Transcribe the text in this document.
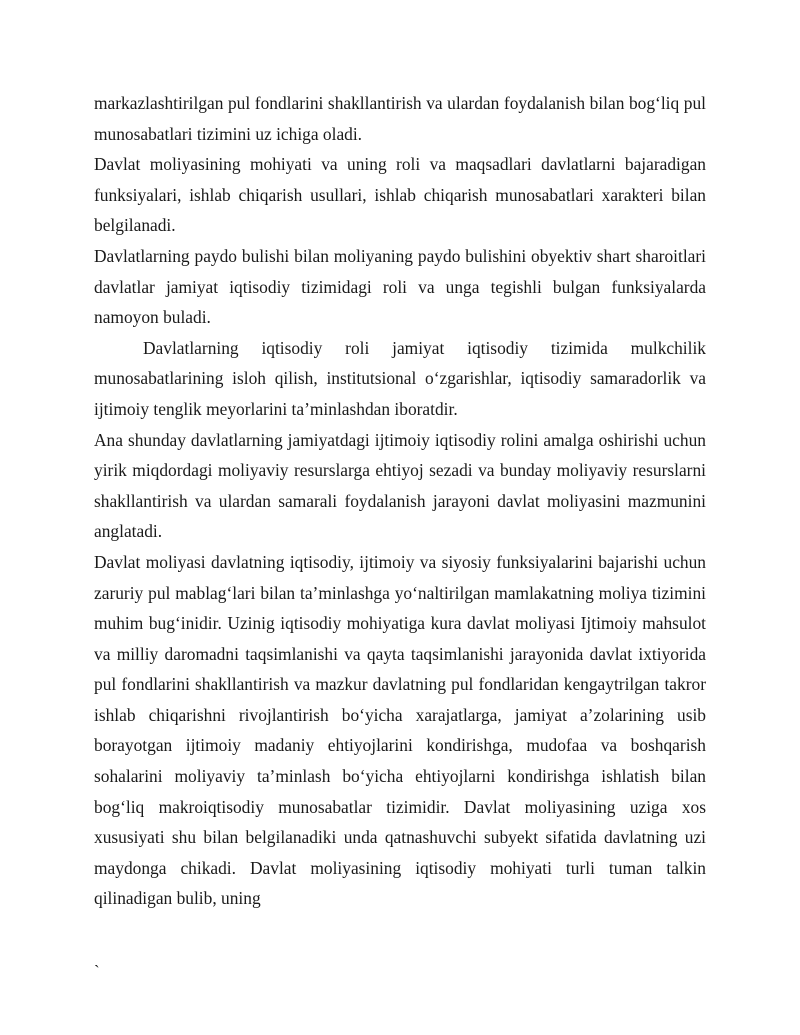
markazlashtirilgan pul fondlarini shakllantirish va ulardan foydalanish bilan bog‘liq pul munosabatlari tizimini uz ichiga oladi.

Davlat moliyasining mohiyati va uning roli va maqsadlari davlatlarni bajaradigan funksiyalari, ishlab chiqarish usullari, ishlab chiqarish munosabatlari xarakteri bilan belgilanadi.

Davlatlarning paydo bulishi bilan moliyaning paydo bulishini obyektiv shart sharoitlari davlatlar jamiyat iqtisodiy tizimidagi roli va unga tegishli bulgan funksiyalarda namoyon buladi.

Davlatlarning iqtisodiy roli jamiyat iqtisodiy tizimida mulkchilik munosabatlarining isloh qilish, institutsional o‘zgarishlar, iqtisodiy samaradorlik va ijtimoiy tenglik meyorlarini ta’minlashdan iboratdir.

Ana shunday davlatlarning jamiyatdagi ijtimoiy iqtisodiy rolini amalga oshirishi uchun yirik miqdordagi moliyaviy resurslarga ehtiyoj sezadi va bunday moliyaviy resurslarni shakllantirish va ulardan samarali foydalanish jarayoni davlat moliyasini mazmunini anglatadi.

Davlat moliyasi davlatning iqtisodiy, ijtimoiy va siyosiy funksiyalarini bajarishi uchun zaruriy pul mablag‘lari bilan ta’minlashga yo‘naltirilgan mamlakatning moliya tizimini muhim bug‘inidir. Uzinig iqtisodiy mohiyatiga kura davlat moliyasi Ijtimoiy mahsulot va milliy daromadni taqsimlanishi va qayta taqsimlanishi jarayonida davlat ixtiyorida pul fondlarini shakllantirish va mazkur davlatning pul fondlaridan kengaytrilgan takror ishlab chiqarishni rivojlantirish bo‘yicha xarajatlarga, jamiyat a’zolarining usib borayotgan ijtimoiy madaniy ehtiyojlarini kondirishga, mudofaa va boshqarish sohalarini moliyaviy ta’minlash bo‘yicha ehtiyojlarni kondirishga ishlatish bilan bog‘liq makroiqtisodiy munosabatlar tizimidir. Davlat moliyasining uziga xos xususiyati shu bilan belgilanadiki unda qatnashuvchi subyekt sifatida davlatning uzi maydonga chikadi. Davlat moliyasining iqtisodiy mohiyati turli tuman talkin qilinadigan bulib, uning

`
